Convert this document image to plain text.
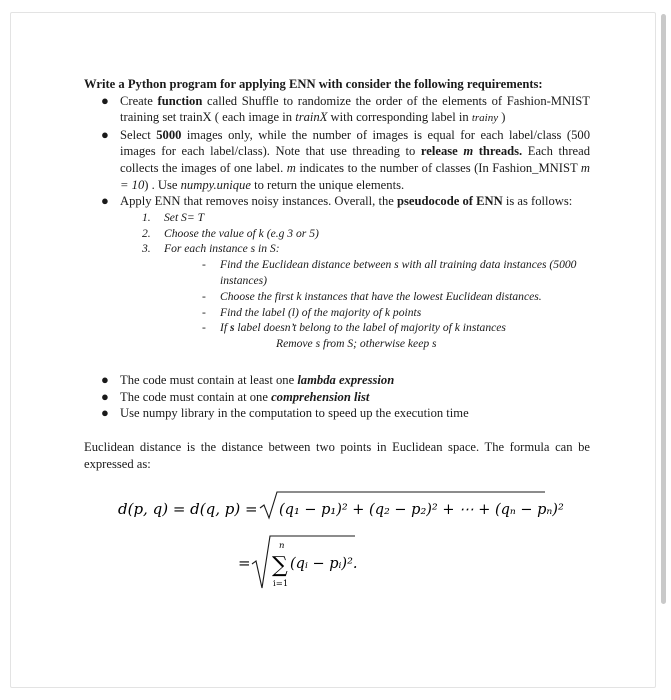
Write a Python program for applying ENN with consider the following requirements:
● Create function called Shuffle to randomize the order of the elements of Fashion-MNIST training set trainX ( each image in trainX with corresponding label in trainy )
● Select 5000 images only, while the number of images is equal for each label/class (500 images for each label/class). Note that use threading to release m threads. Each thread collects the images of one label. m indicates to the number of classes (In Fashion_MNIST m = 10) . Use numpy.unique to return the unique elements.
● Apply ENN that removes noisy instances. Overall, the pseudocode of ENN is as follows:
1. Set S= T
2. Choose the value of k (e.g 3 or 5)
3. For each instance s in S:
- Find the Euclidean distance between s with all training data instances (5000 instances)
- Choose the first k instances that have the lowest Euclidean distances.
- Find the label (l) of the majority of k points
- If s label doesn’t belong to the label of majority of k instances
Remove s from S; otherwise keep s
● The code must contain at least one lambda expression
● The code must contain at one comprehension list
● Use numpy library in the computation to speed up the execution time
Euclidean distance is the distance between two points in Euclidean space. The formula can be expressed as:
d(p, q) = d(q, p) = (q₁ − p₁)² + (q₂ − p₂)² + ⋯ + (qₙ − pₙ)²
=
n
∑
i=1
(qᵢ − pᵢ)².
